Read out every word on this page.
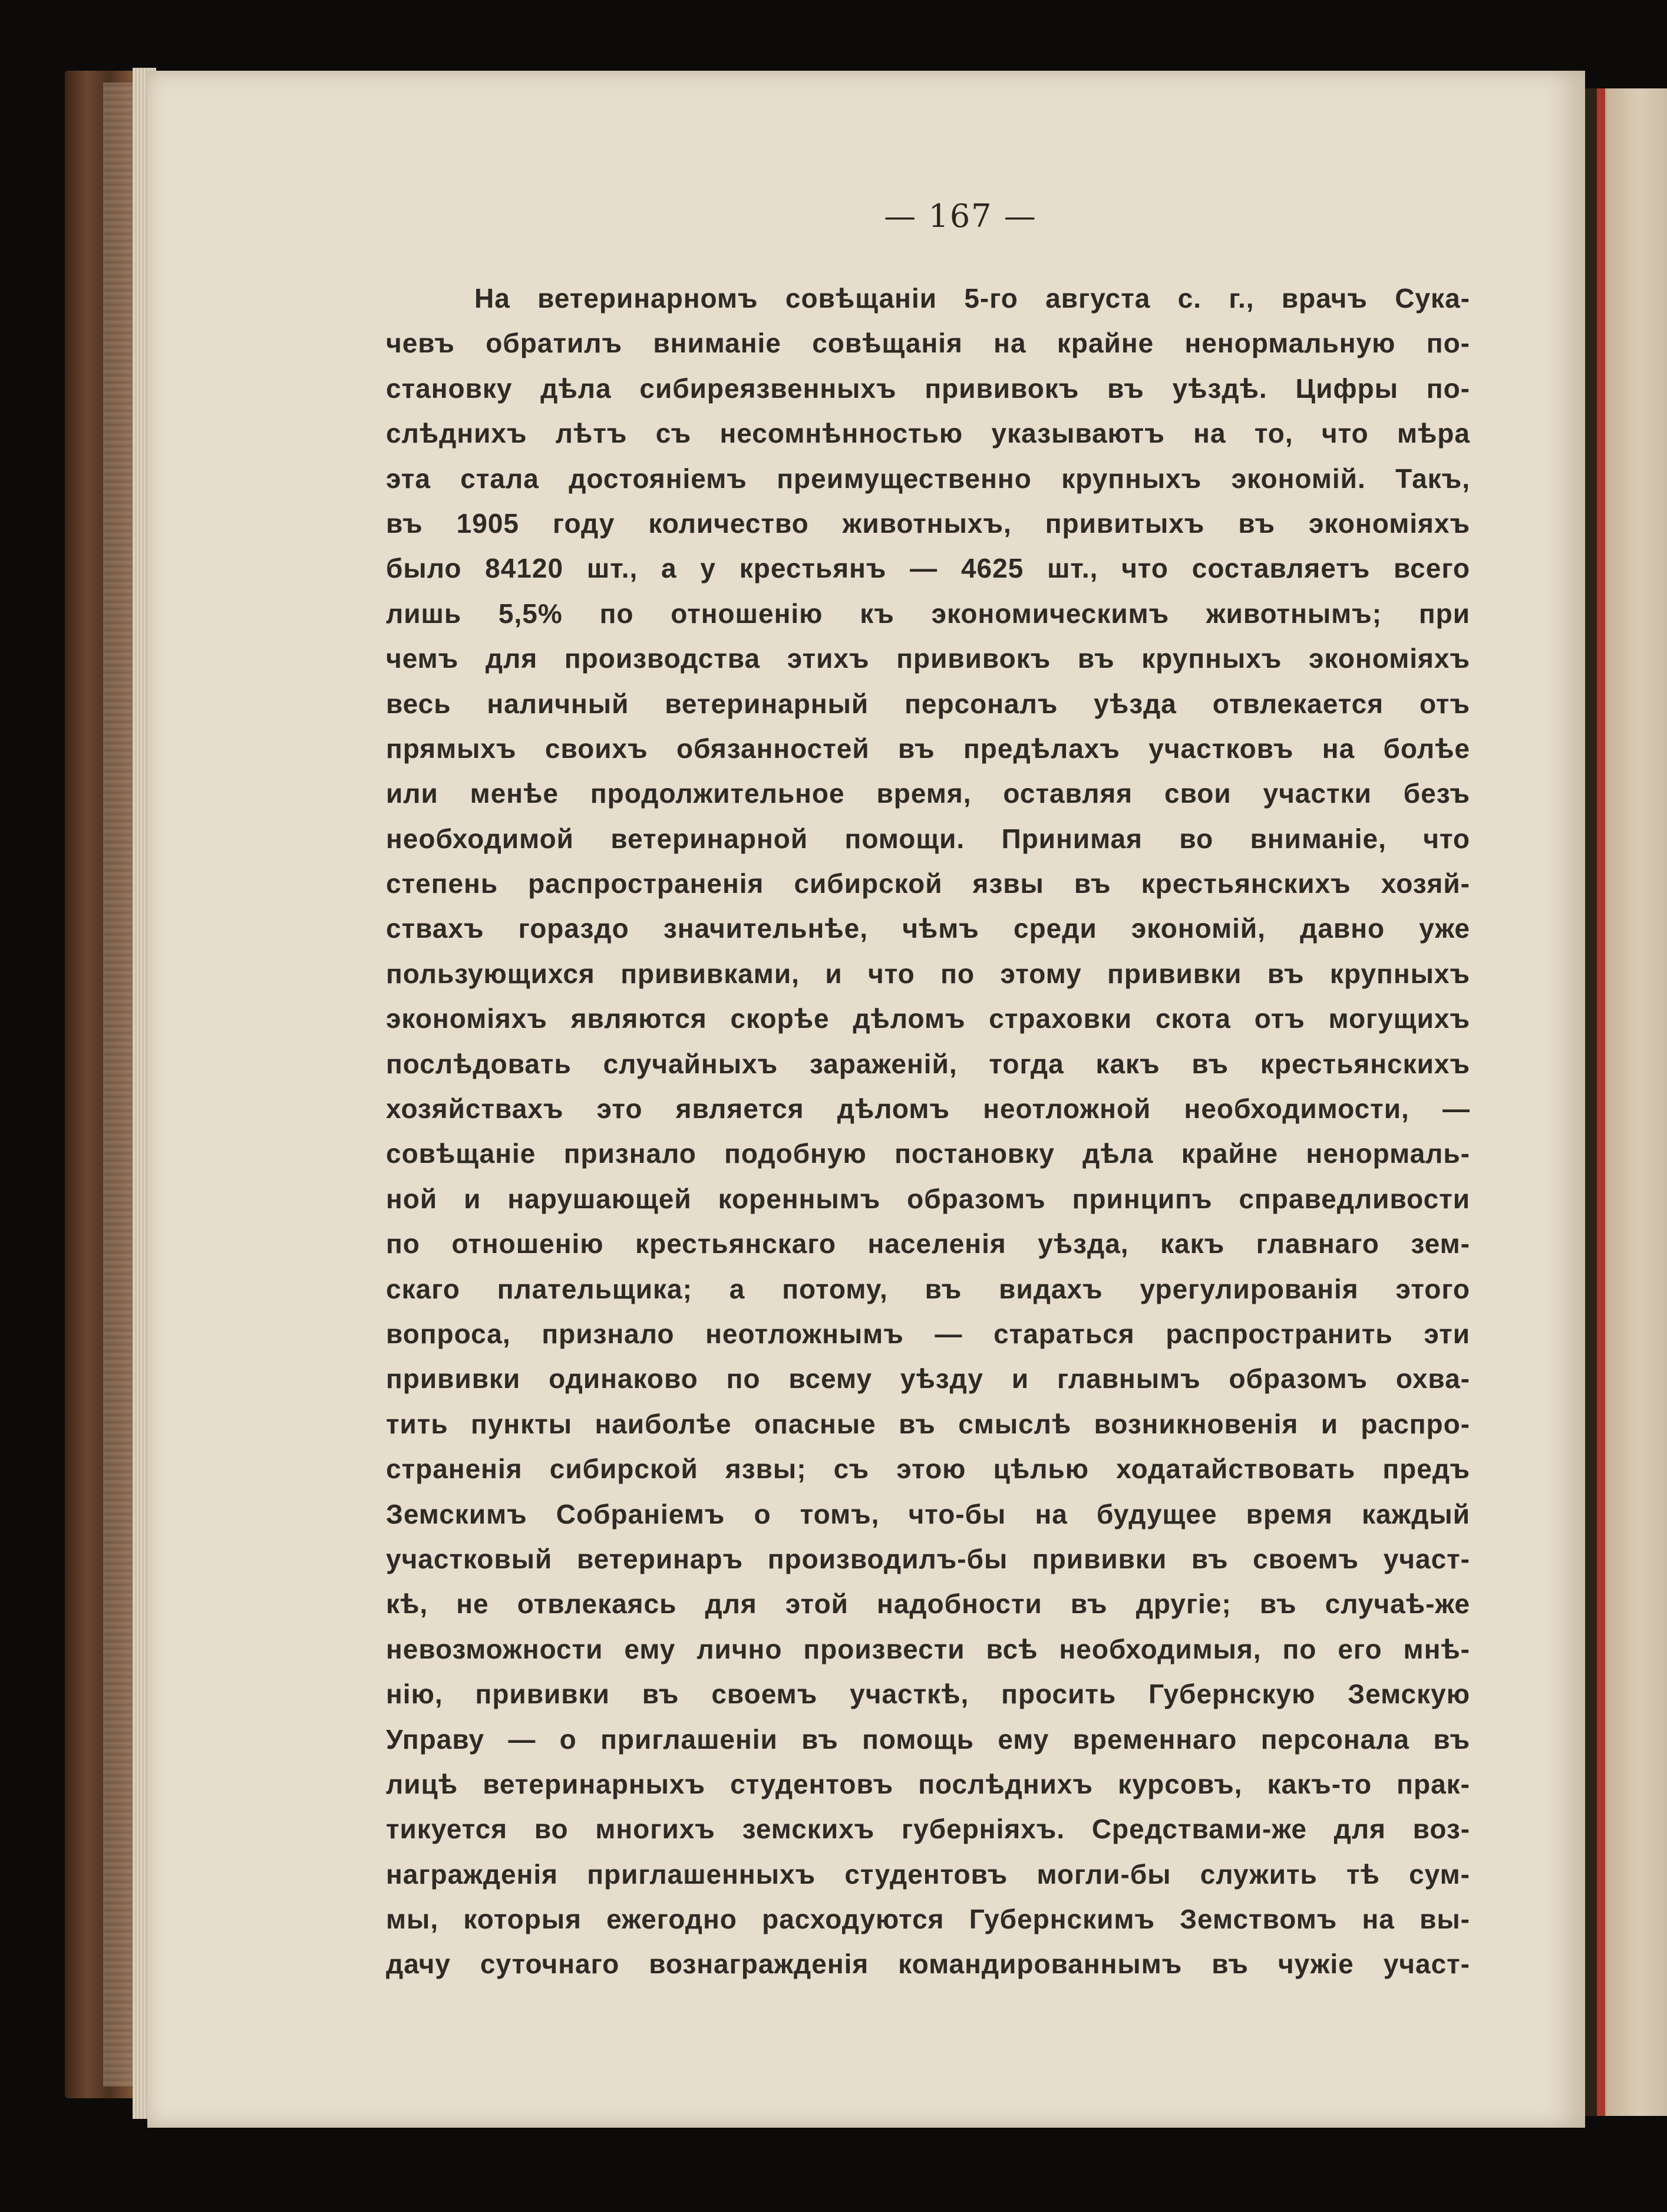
— 167 —
На ветеринарномъ совѣщаніи 5-го августа с. г., врачъ Сука-
чевъ обратилъ вниманіе совѣщанія на крайне ненормальную по-
становку дѣла сибиреязвенныхъ прививокъ въ уѣздѣ. Цифры по-
слѣднихъ лѣтъ съ несомнѣнностью указываютъ на то, что мѣра
эта стала достояніемъ преимущественно крупныхъ экономій. Такъ,
въ 1905 году количество животныхъ, привитыхъ въ экономіяхъ
было 84120 шт., а у крестьянъ — 4625 шт., что составляетъ всего
лишь 5,5% по отношенію къ экономическимъ животнымъ; при
чемъ для производства этихъ прививокъ въ крупныхъ экономіяхъ
весь наличный ветеринарный персоналъ уѣзда отвлекается отъ
прямыхъ своихъ обязанностей въ предѣлахъ участковъ на болѣе
или менѣе продолжительное время, оставляя свои участки безъ
необходимой ветеринарной помощи. Принимая во вниманіе, что
степень распространенія сибирской язвы въ крестьянскихъ хозяй-
ствахъ гораздо значительнѣе, чѣмъ среди экономій, давно уже
пользующихся прививками, и что по этому прививки въ крупныхъ
экономіяхъ являются скорѣе дѣломъ страховки скота отъ могущихъ
послѣдовать случайныхъ зараженій, тогда какъ въ крестьянскихъ
хозяйствахъ это является дѣломъ неотложной необходимости, —
совѣщаніе признало подобную постановку дѣла крайне ненормаль-
ной и нарушающей кореннымъ образомъ принципъ справедливости
по отношенію крестьянскаго населенія уѣзда, какъ главнаго зем-
скаго плательщика; а потому, въ видахъ урегулированія этого
вопроса, признало неотложнымъ — стараться распространить эти
прививки одинаково по всему уѣзду и главнымъ образомъ охва-
тить пункты наиболѣе опасные въ смыслѣ возникновенія и распро-
страненія сибирской язвы; съ этою цѣлью ходатайствовать предъ
Земскимъ Собраніемъ о томъ, что-бы на будущее время каждый
участковый ветеринаръ производилъ-бы прививки въ своемъ участ-
кѣ, не отвлекаясь для этой надобности въ другіе; въ случаѣ-же
невозможности ему лично произвести всѣ необходимыя, по его мнѣ-
нію, прививки въ своемъ участкѣ, просить Губернскую Земскую
Управу — о приглашеніи въ помощь ему временнаго персонала въ
лицѣ ветеринарныхъ студентовъ послѣднихъ курсовъ, какъ-то прак-
тикуется во многихъ земскихъ губерніяхъ. Средствами-же для воз-
награжденія приглашенныхъ студентовъ могли-бы служить тѣ сум-
мы, которыя ежегодно расходуются Губернскимъ Земствомъ на вы-
дачу суточнаго вознагражденія командированнымъ въ чужіе участ-
